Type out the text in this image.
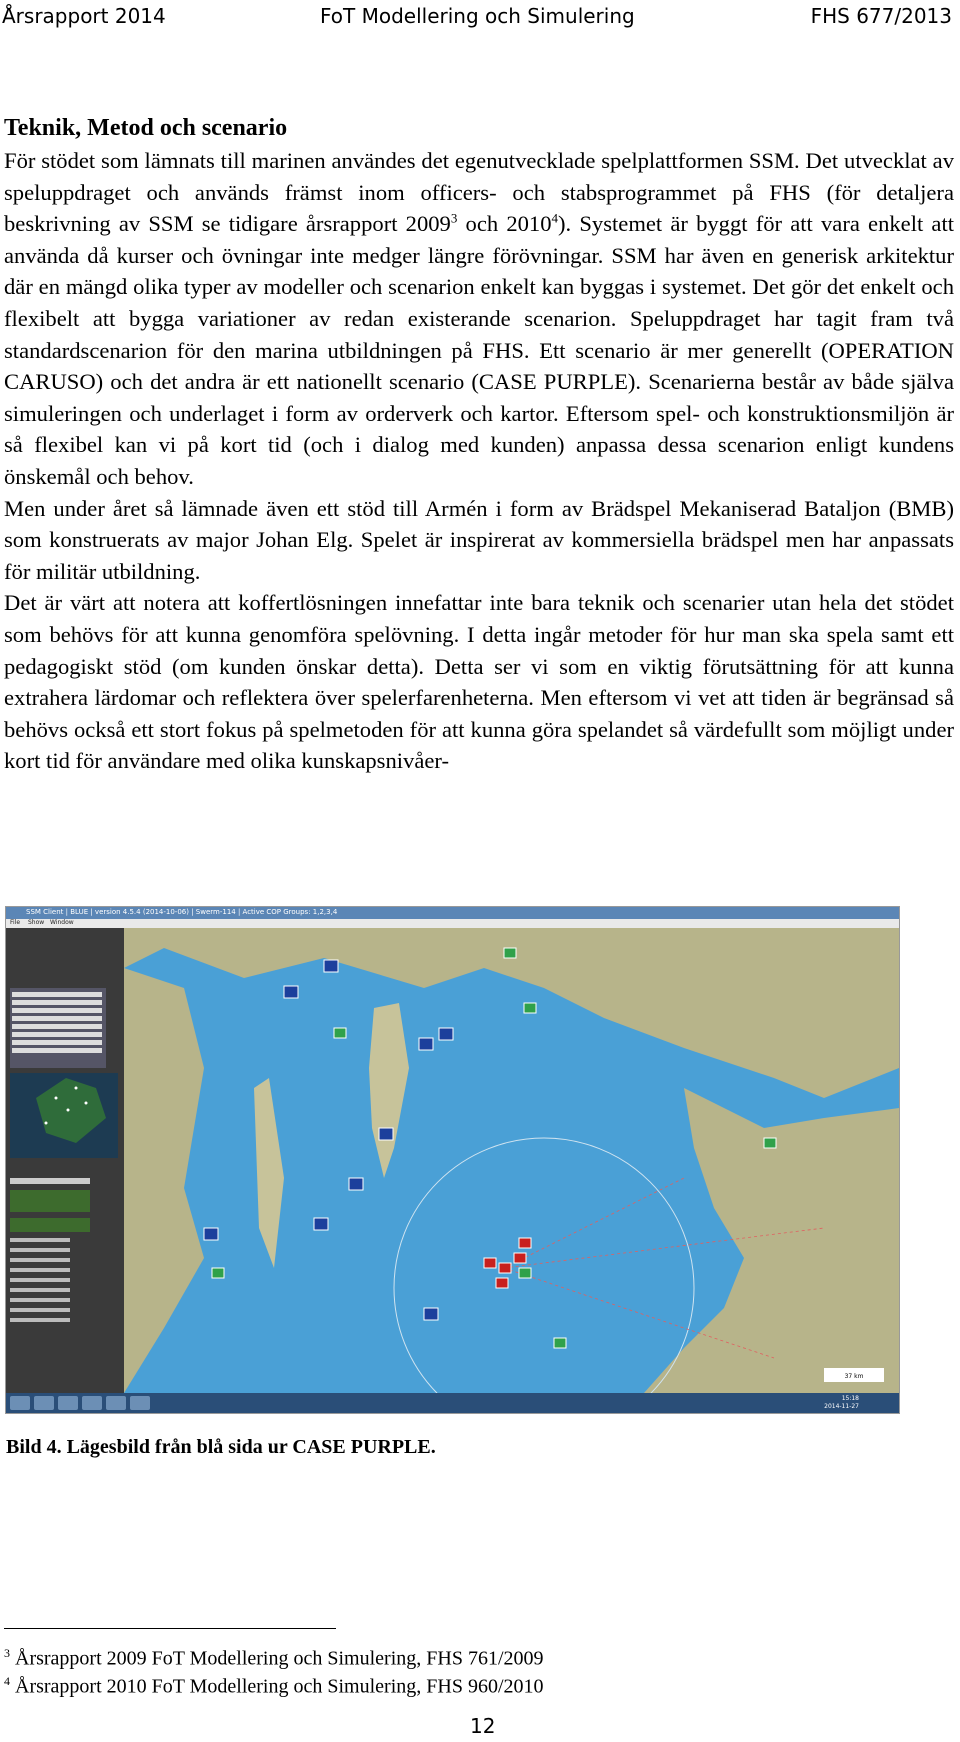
Årsrapport 2014	FoT Modellering och Simulering	FHS 677/2013
Teknik, Metod och scenario

För stödet som lämnats till marinen användes det egenutvecklade spelplattformen SSM. Det utvecklat av speluppdraget och används främst inom officers- och stabsprogrammet på FHS (för detaljera beskrivning av SSM se tidigare årsrapport 2009$^3$ och 2010$^4$). Systemet är byggt för att vara enkelt att använda då kurser och övningar inte medger längre förövningar. SSM har även en generisk arkitektur där en mängd olika typer av modeller och scenarion enkelt kan byggas i systemet. Det gör det enkelt och flexibelt att bygga variationer av redan existerande scenarion. Speluppdraget har tagit fram två standardscenarion för den marina utbildningen på FHS. Ett scenario är mer generellt (OPERATION CARUSO) och det andra är ett nationellt scenario (CASE PURPLE). Scenarierna består av både själva simuleringen och underlaget i form av orderverk och kartor. Eftersom spel- och konstruktionsmiljön är så flexibel kan vi på kort tid (och i dialog med kunden) anpassa dessa scenarion enligt kundens önskemål och behov.

Men under året så lämnade även ett stöd till Armén i form av Brädspel Mekaniserad Bataljon (BMB) som konstruerats av major Johan Elg. Spelet är inspirerat av kommersiella brädspel men har anpassats för militär utbildning.

Det är värt att notera att koffertlösningen innefattar inte bara teknik och scenarier utan hela det stödet som behövs för att kunna genomföra spelövning. I detta ingår metoder för hur man ska spela samt ett pedagogiskt stöd (om kunden önskar detta). Detta ser vi som en viktig förutsättning för att kunna extrahera lärdomar och reflektera över spelerfarenheterna. Men eftersom vi vet att tiden är begränsad så behövs också ett stort fokus på spelmetoden för att kunna göra spelandet så värdefullt som möjligt under kort tid för användare med olika kunskapsnivåer-

SSM Client | BLUE | version 4.5.4 (2014-10-06) | Swerm-114 | Active COP Groups: 1,2,3,4
File Show Window
37 km
15:18
2014-11-27
Bild 4. Lägesbild från blå sida ur CASE PURPLE.
$^3$ Årsrapport 2009 FoT Modellering och Simulering, FHS 761/2009
$^4$ Årsrapport 2010 FoT Modellering och Simulering, FHS 960/2010
12
